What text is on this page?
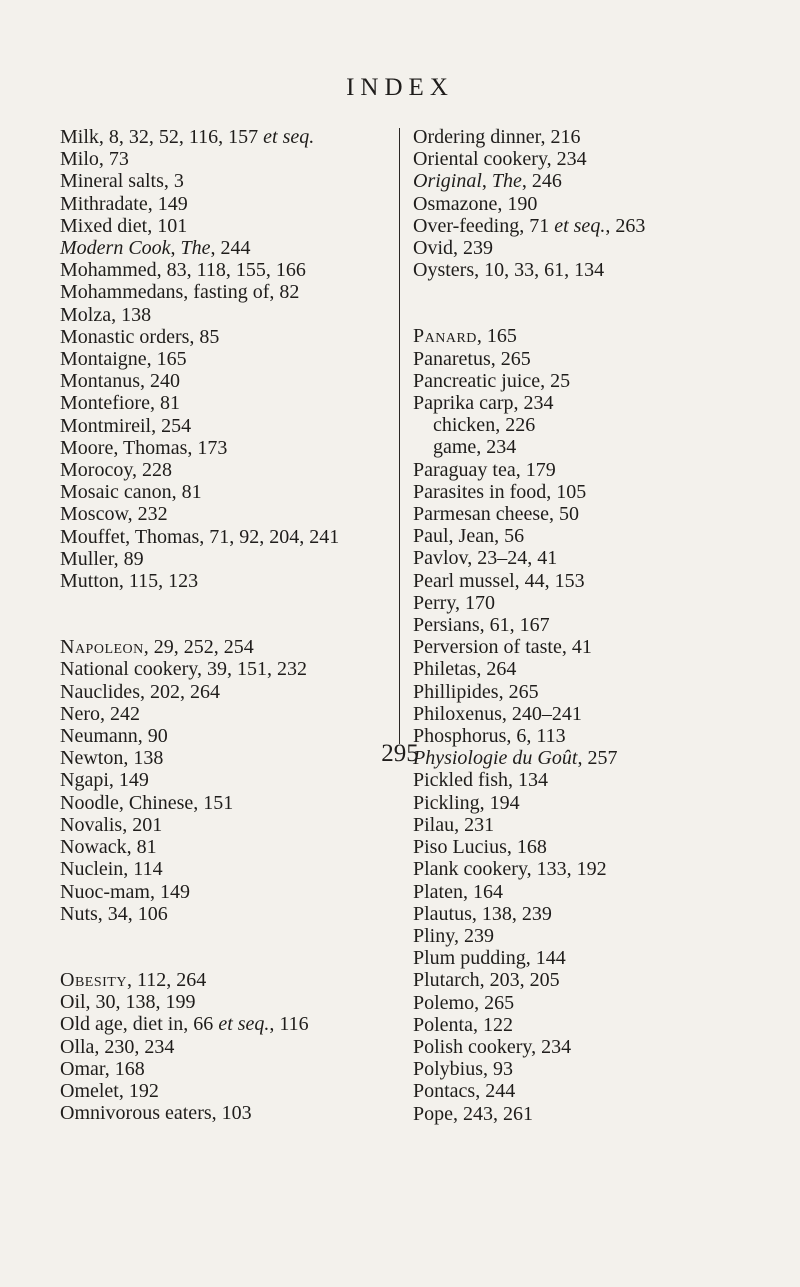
INDEX
Milk, 8, 32, 52, 116, 157 et seq.
Milo, 73
Mineral salts, 3
Mithradate, 149
Mixed diet, 101
Modern Cook, The, 244
Mohammed, 83, 118, 155, 166
Mohammedans, fasting of, 82
Molza, 138
Monastic orders, 85
Montaigne, 165
Montanus, 240
Montefiore, 81
Montmireil, 254
Moore, Thomas, 173
Morocoy, 228
Mosaic canon, 81
Moscow, 232
Mouffet, Thomas, 71, 92, 204, 241
Muller, 89
Mutton, 115, 123
Napoleon, 29, 252, 254
National cookery, 39, 151, 232
Nauclides, 202, 264
Nero, 242
Neumann, 90
Newton, 138
Ngapi, 149
Noodle, Chinese, 151
Novalis, 201
Nowack, 81
Nuclein, 114
Nuoc-mam, 149
Nuts, 34, 106
Obesity, 112, 264
Oil, 30, 138, 199
Old age, diet in, 66 et seq., 116
Olla, 230, 234
Omar, 168
Omelet, 192
Omnivorous eaters, 103
Ordering dinner, 216
Oriental cookery, 234
Original, The, 246
Osmazone, 190
Over-feeding, 71 et seq., 263
Ovid, 239
Oysters, 10, 33, 61, 134
Panard, 165
Panaretus, 265
Pancreatic juice, 25
Paprika carp, 234
chicken, 226
game, 234
Paraguay tea, 179
Parasites in food, 105
Parmesan cheese, 50
Paul, Jean, 56
Pavlov, 23–24, 41
Pearl mussel, 44, 153
Perry, 170
Persians, 61, 167
Perversion of taste, 41
Philetas, 264
Phillipides, 265
Philoxenus, 240–241
Phosphorus, 6, 113
Physiologie du Goût, 257
Pickled fish, 134
Pickling, 194
Pilau, 231
Piso Lucius, 168
Plank cookery, 133, 192
Platen, 164
Plautus, 138, 239
Pliny, 239
Plum pudding, 144
Plutarch, 203, 205
Polemo, 265
Polenta, 122
Polish cookery, 234
Polybius, 93
Pontacs, 244
Pope, 243, 261
295
